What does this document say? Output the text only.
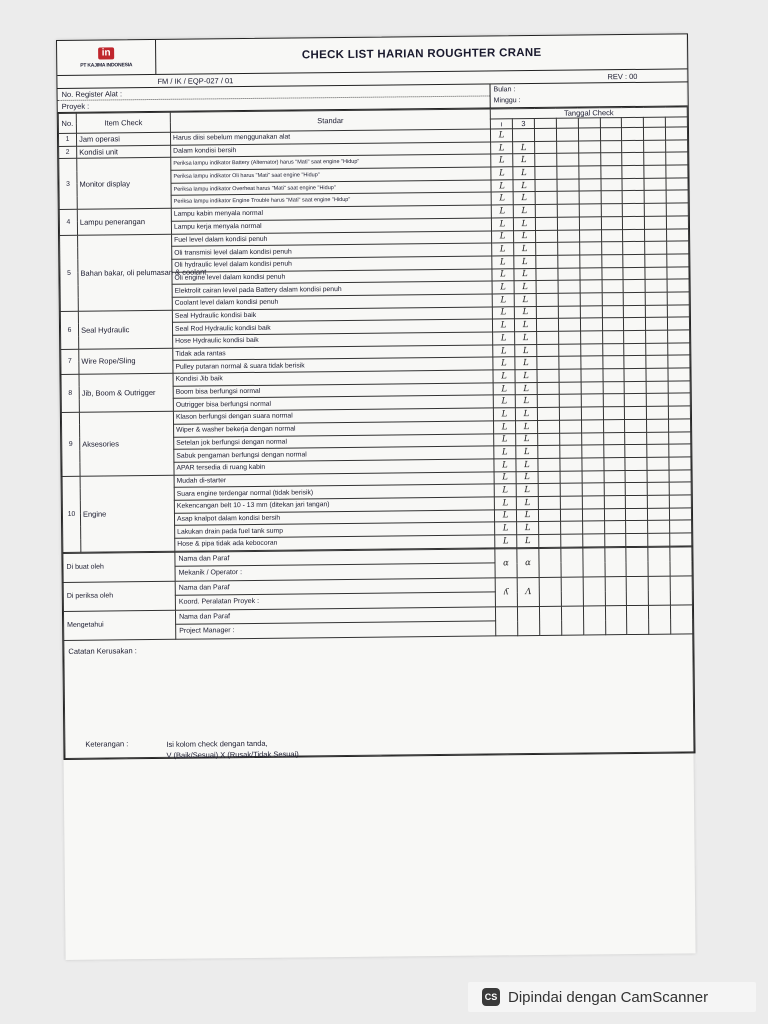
in
PT KAJIMA INDONESIA
CHECK LIST HARIAN ROUGHTER CRANE
FM / IK / EQP-027 / 01	REV : 00
No. Register Alat :
Proyek :
Bulan :
Minggu :
No.	Item Check	Standar	Tanggal Check								
			ı	3							
1	Jam operasi	Harus diisi sebelum menggunakan alat	L								
2	Kondisi unit	Dalam kondisi bersih	L	L							
3	Monitor display	Periksa lampu indikator Battery (Alternator) harus "Mati" saat engine "Hidup"	L	L							
		Periksa lampu indikator Oli harus "Mati" saat engine "Hidup"	L	L							
		Periksa lampu indikator Overheat harus "Mati" saat engine "Hidup"	L	L							
		Periksa lampu indikator Engine Trouble harus "Mati" saat engine "Hidup"	L	L							
4	Lampu penerangan	Lampu kabin menyala normal	L	L							
		Lampu kerja menyala normal	L	L							
5	Bahan bakar, oli pelumasan & coolant	Fuel level dalam kondisi penuh	L	L							
		Oli transmisi level dalam kondisi penuh	L	L							
		Oli hydraulic level dalam kondisi penuh	L	L							
		Oli engine level dalam kondisi penuh	L	L							
		Elektrolit cairan level pada Battery dalam kondisi penuh	L	L							
		Coolant level dalam kondisi penuh	L	L							
6	Seal Hydraulic	Seal Hydraulic kondisi baik	L	L							
		Seal Rod Hydraulic kondisi baik	L	L							
		Hose Hydraulic kondisi baik	L	L							
7	Wire Rope/Sling	Tidak ada rantas	L	L							
		Pulley putaran normal & suara tidak berisik	L	L							
8	Jib, Boom & Outrigger	Kondisi Jib baik	L	L							
		Boom bisa berfungsi normal	L	L							
		Outrigger bisa berfungsi normal	L	L							
9	Aksesories	Klason berfungsi dengan suara normal	L	L							
		Wiper & washer bekerja dengan normal	L	L							
		Setelan jok berfungsi dengan normal	L	L							
		Sabuk pengaman berfungsi dengan normal	L	L							
		APAR tersedia di ruang kabin	L	L							
10	Engine	Mudah di-starter	L	L							
		Suara engine terdengar normal (tidak berisik)	L	L							
		Kekencangan belt 10 - 13 mm (ditekan jari tangan)	L	L							
		Asap knalpot dalam kondisi bersih	L	L							
		Lakukan drain pada fuel tank sump	L	L							
		Hose & pipa tidak ada kebocoran	L	L							
Di buat oleh	Nama dan Paraf	ɑ	ɑ							
	Mekanik / Operator :									
Di periksa oleh	Nama dan Paraf	ʎ	Λ							
	Koord. Peralatan Proyek :									
Mengetahui	Nama dan Paraf									
	Project Manager :									
Catatan Kerusakan :
Keterangan :	Isi kolom check dengan tanda,
V (Baik/Sesuai) X (Rusak/Tidak Sesuai)
CS Dipindai dengan CamScanner
